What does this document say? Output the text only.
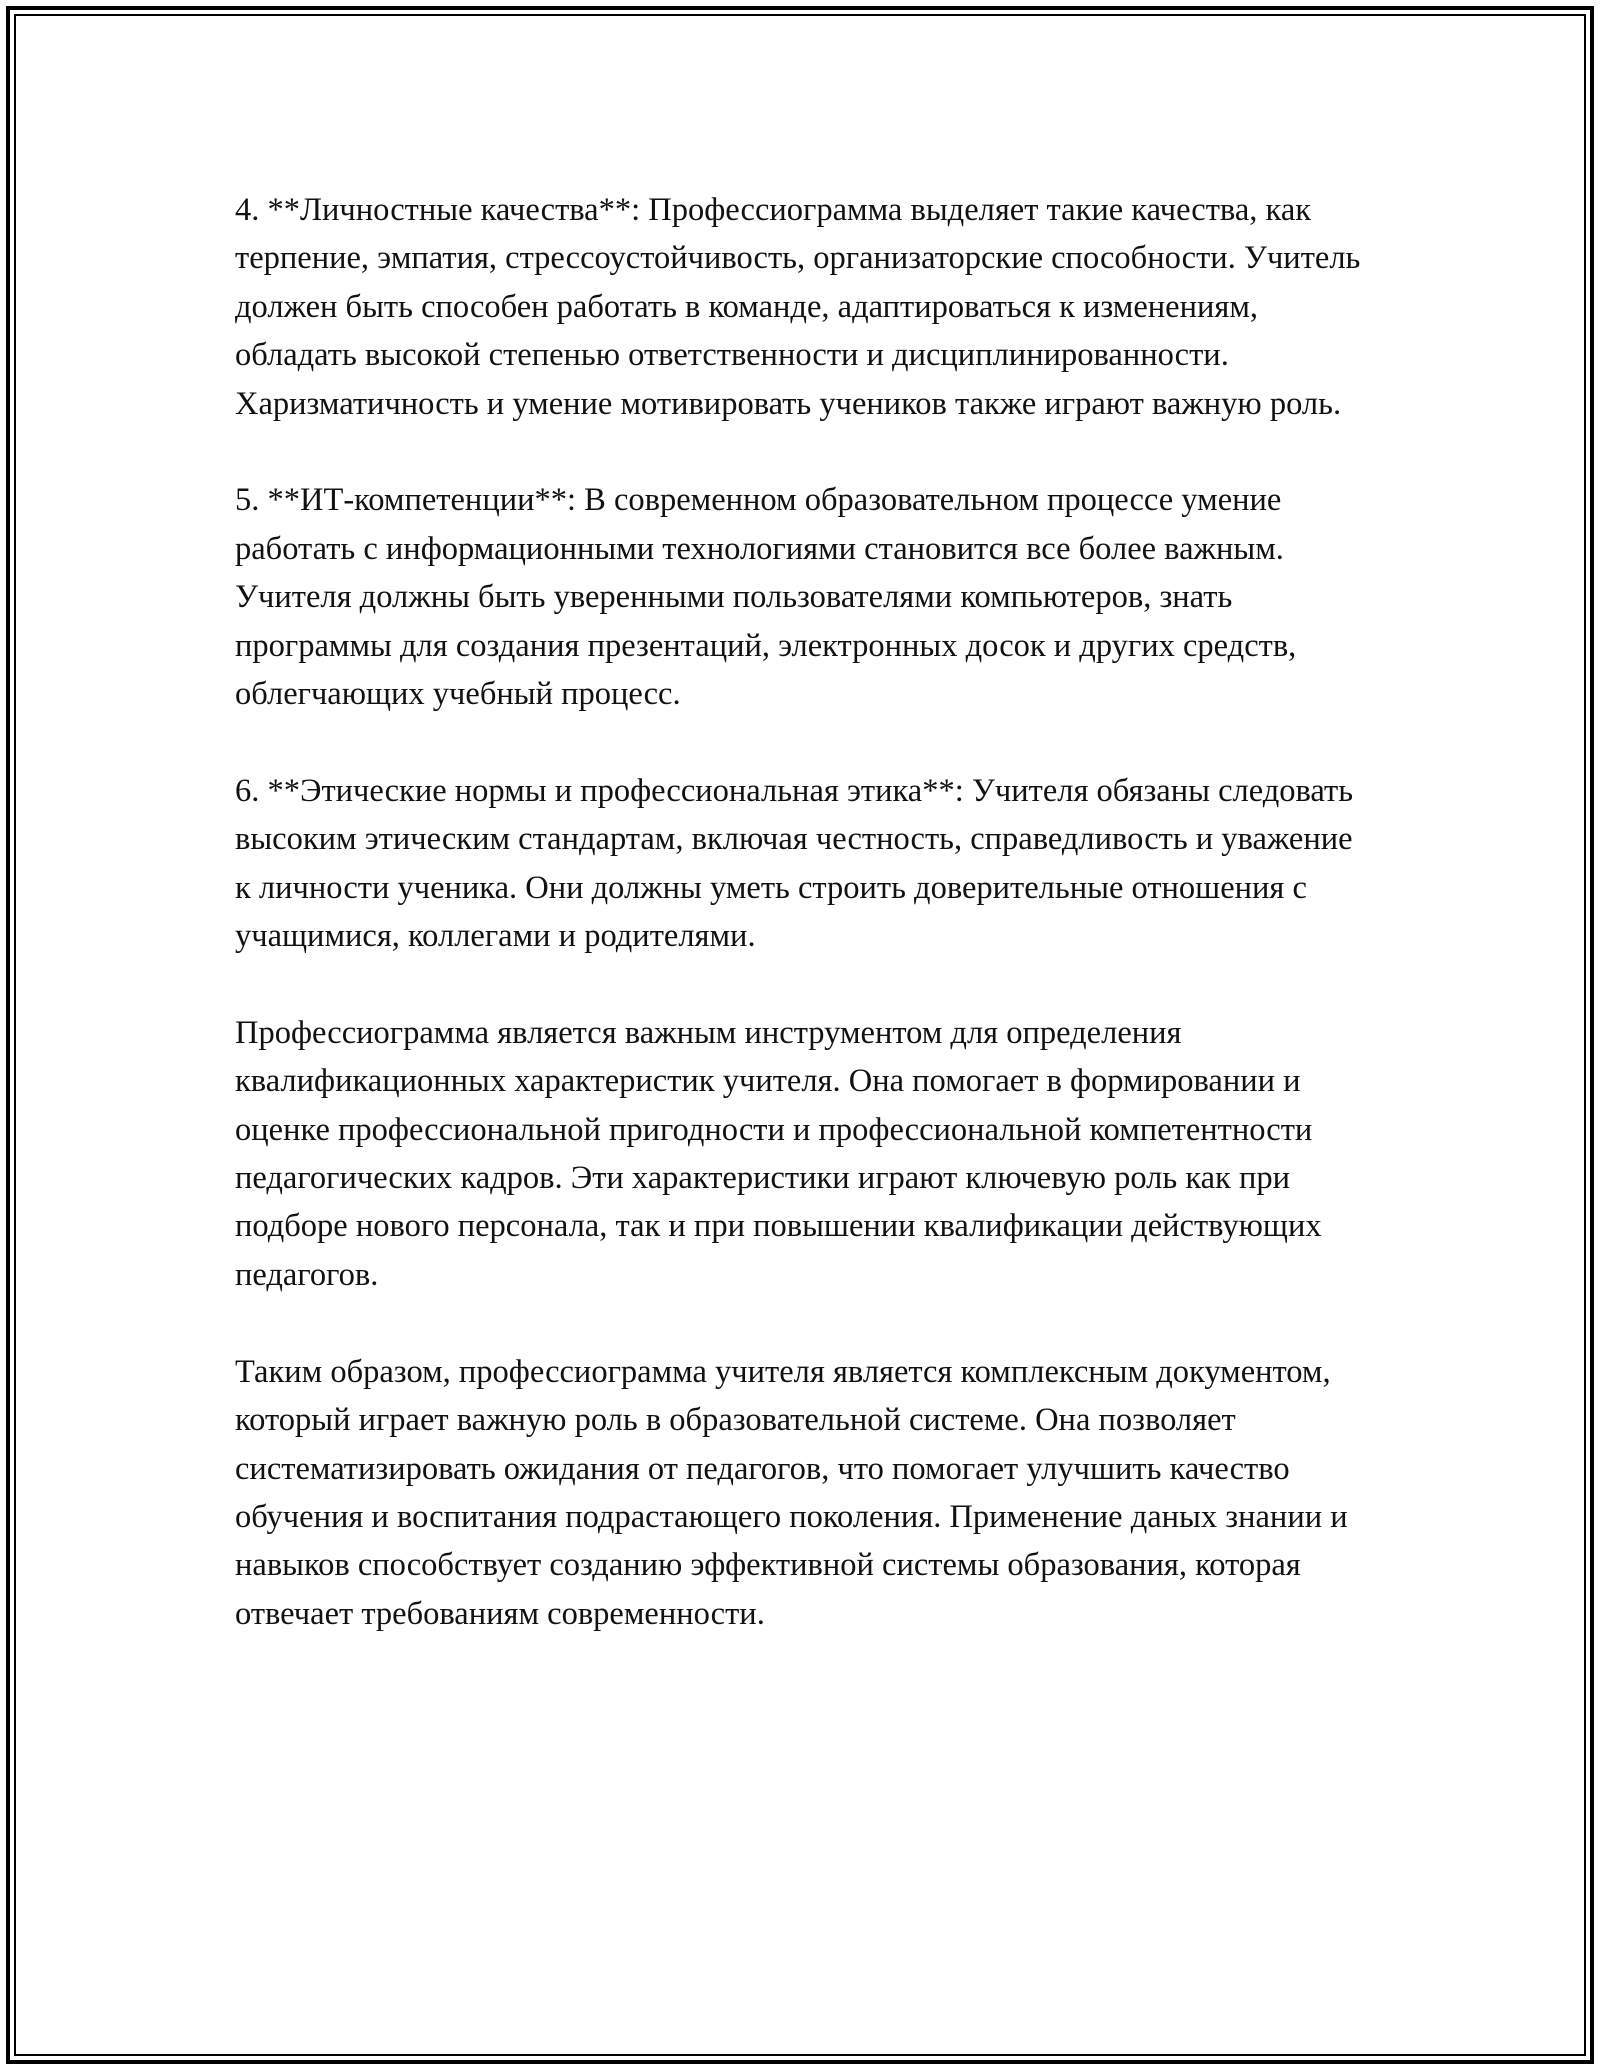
4. **Личностные качества**: Профессиограмма выделяет такие качества, как терпение, эмпатия, стрессоустойчивость, организаторские способности. Учитель должен быть способен работать в команде, адаптироваться к изменениям, обладать высокой степенью ответственности и дисциплинированности. Харизматичность и умение мотивировать учеников также играют важную роль.

5. **ИТ-компетенции**: В современном образовательном процессе умение работать с информационными технологиями становится все более важным. Учителя должны быть уверенными пользователями компьютеров, знать программы для создания презентаций, электронных досок и других средств, облегчающих учебный процесс.

6. **Этические нормы и профессиональная этика**: Учителя обязаны следовать высоким этическим стандартам, включая честность, справедливость и уважение к личности ученика. Они должны уметь строить доверительные отношения с учащимися, коллегами и родителями.

Профессиограмма является важным инструментом для определения квалификационных характеристик учителя. Она помогает в формировании и оценке профессиональной пригодности и профессиональной компетентности педагогических кадров. Эти характеристики играют ключевую роль как при подборе нового персонала, так и при повышении квалификации действующих педагогов.

Таким образом, профессиограмма учителя является комплексным документом, который играет важную роль в образовательной системе. Она позволяет систематизировать ожидания от педагогов, что помогает улучшить качество обучения и воспитания подрастающего поколения. Применение даных знании и навыков способствует созданию эффективной системы образования, которая отвечает требованиям современности.
